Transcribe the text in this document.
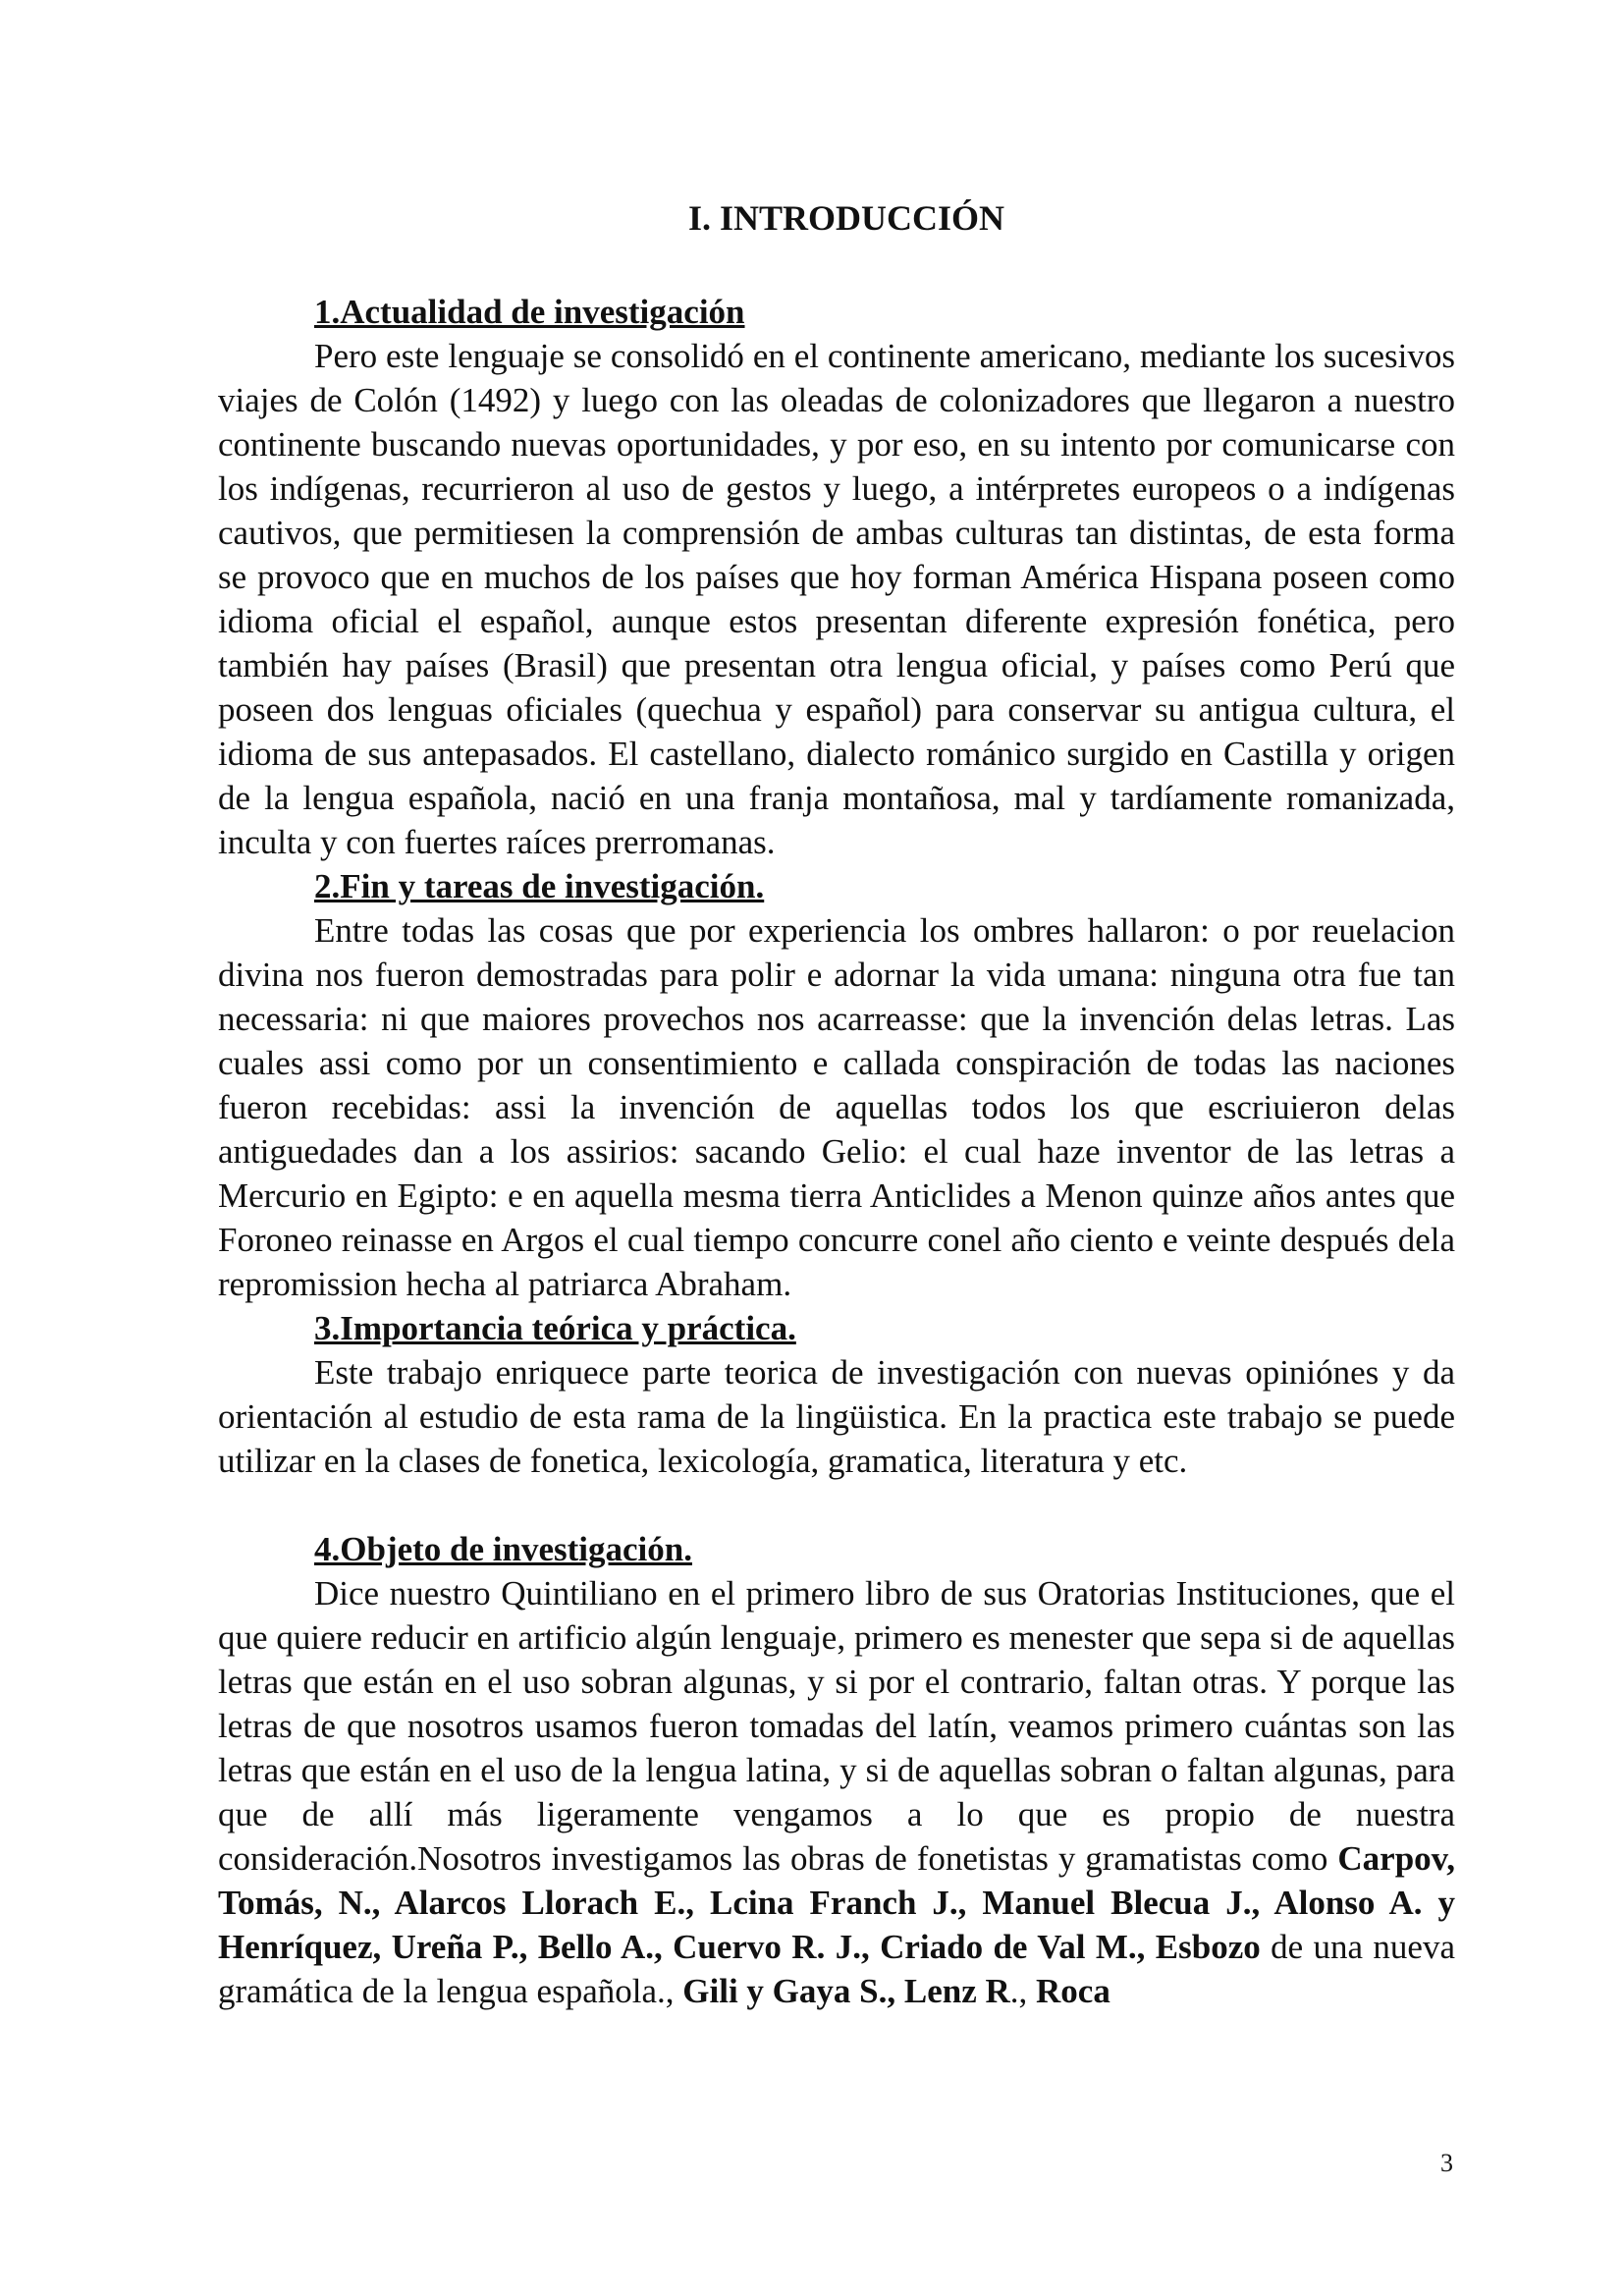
I. INTRODUCCIÓN
1.Actualidad de investigación

Pero este lenguaje se consolidó en el continente americano, mediante los sucesivos viajes de Colón (1492) y luego con las oleadas de colonizadores que llegaron a nuestro continente buscando nuevas oportunidades, y por eso, en su intento por comunicarse con los indígenas, recurrieron al uso de gestos y luego, a intérpretes europeos o a indígenas cautivos, que permitiesen la comprensión de ambas culturas tan distintas, de esta forma se provoco que en muchos de los países que hoy forman América Hispana poseen como idioma oficial el español, aunque estos presentan diferente expresión fonética, pero también hay países (Brasil) que presentan otra lengua oficial, y países como Perú que poseen dos lenguas oficiales (quechua y español) para conservar su antigua cultura, el idioma de sus antepasados. El castellano, dialecto románico surgido en Castilla y origen de la lengua española, nació en una franja montañosa, mal y tardíamente romanizada, inculta y con fuertes raíces prerromanas.

2.Fin y tareas de investigación.

Entre todas las cosas que por experiencia los ombres hallaron: o por reuelacion divina nos fueron demostradas para polir e adornar la vida umana: ninguna otra fue tan necessaria: ni que maiores provechos nos acarreasse: que la invención delas letras. Las cuales assi como por un consentimiento e callada conspiración de todas las naciones fueron recebidas: assi la invención de aquellas todos los que escriuieron delas antiguedades dan a los assirios: sacando Gelio: el cual haze inventor de las letras a Mercurio en Egipto: e en aquella mesma tierra Anticlides a Menon quinze años antes que Foroneo reinasse en Argos el cual tiempo concurre conel año ciento e veinte después dela repromission hecha al patriarca Abraham.

3.Importancia teórica y práctica.

Este trabajo enriquece parte teorica de investigación con nuevas opiniónes y da orientación al estudio de esta rama de la lingüistica. En la practica este trabajo se puede utilizar en la clases de fonetica, lexicología, gramatica, literatura y etc.

4.Objeto de investigación.

Dice nuestro Quintiliano en el primero libro de sus Oratorias Instituciones, que el que quiere reducir en artificio algún lenguaje, primero es menester que sepa si de aquellas letras que están en el uso sobran algunas, y si por el contrario, faltan otras. Y porque las letras de que nosotros usamos fueron tomadas del latín, veamos primero cuántas son las letras que están en el uso de la lengua latina, y si de aquellas sobran o faltan algunas, para que de allí más ligeramente vengamos a lo que es propio de nuestra consideración.Nosotros investigamos las obras de fonetistas y gramatistas como Carpov, Tomás, N., Alarcos Llorach E., Lcina Franch J., Manuel Blecua J., Alonso A. y Henríquez, Ureña P., Bello A., Cuervo R. J., Criado de Val M., Esbozo de una nueva gramática de la lengua española., Gili y Gaya S., Lenz R., Roca

3
